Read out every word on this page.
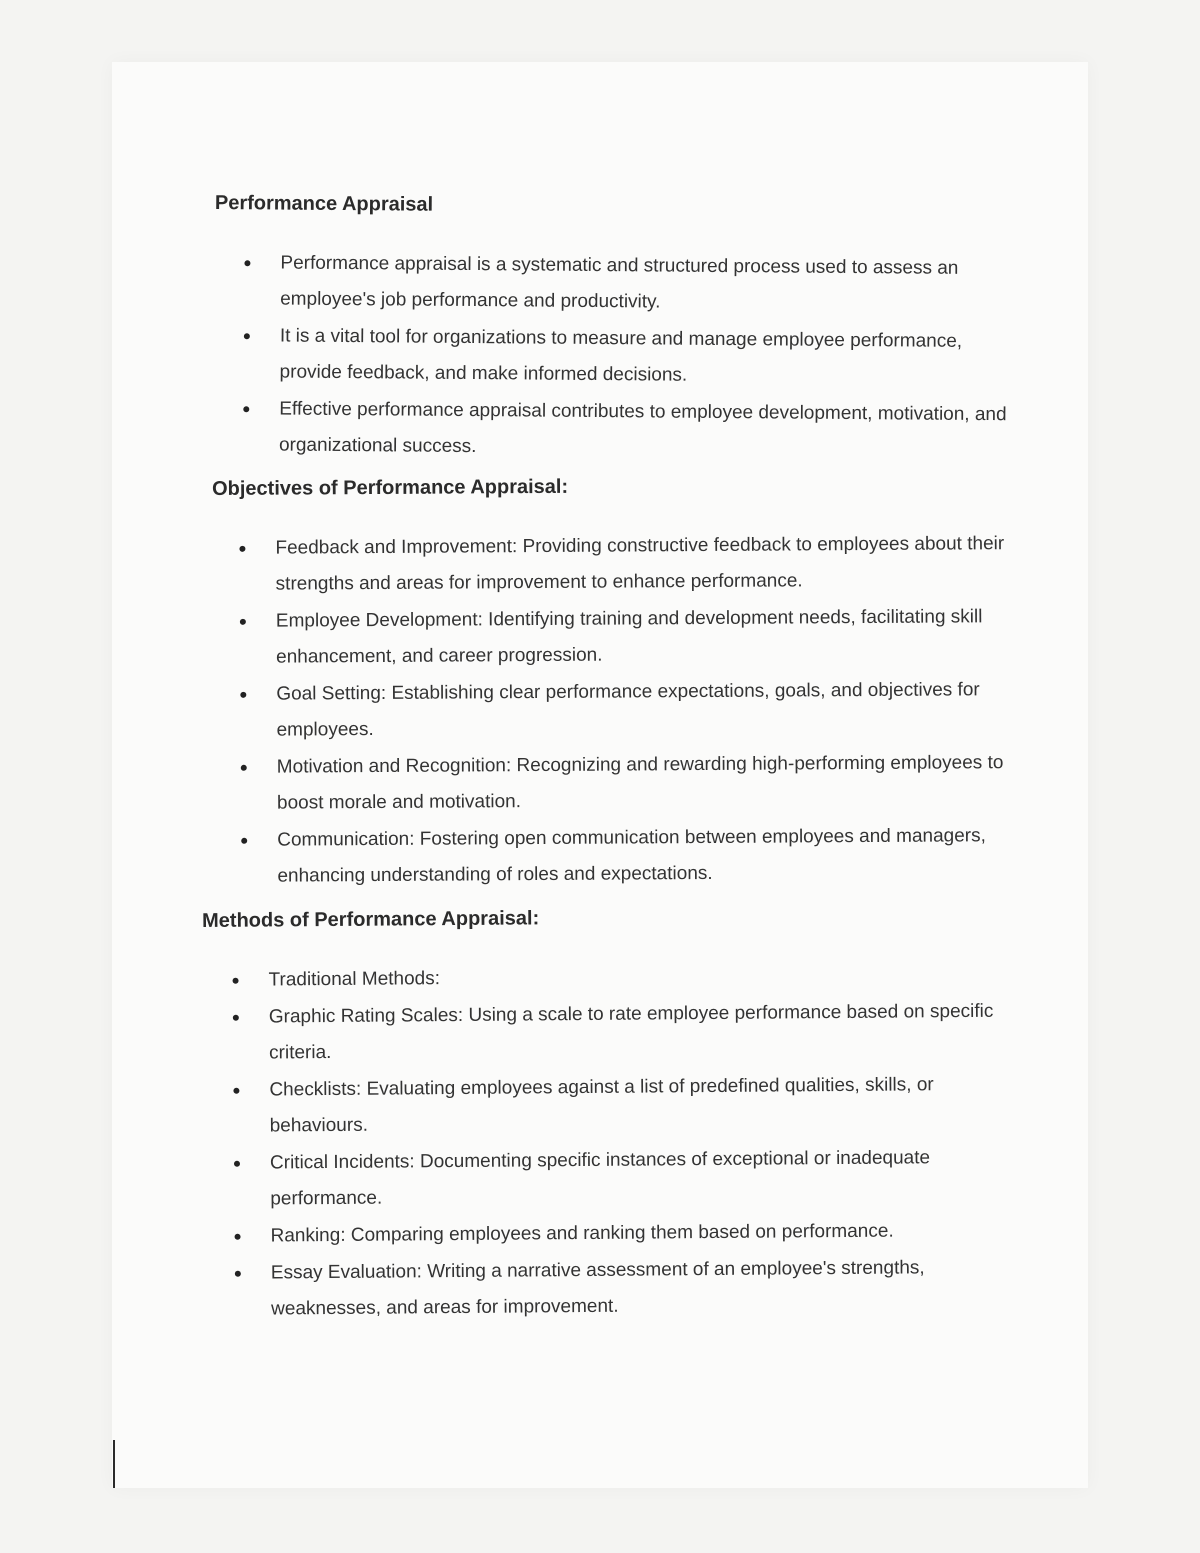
Performance Appraisal
Performance appraisal is a systematic and structured process used to assess an employee's job performance and productivity.
It is a vital tool for organizations to measure and manage employee performance, provide feedback, and make informed decisions.
Effective performance appraisal contributes to employee development, motivation, and organizational success.
Objectives of Performance Appraisal:
Feedback and Improvement: Providing constructive feedback to employees about their strengths and areas for improvement to enhance performance.
Employee Development: Identifying training and development needs, facilitating skill enhancement, and career progression.
Goal Setting: Establishing clear performance expectations, goals, and objectives for employees.
Motivation and Recognition: Recognizing and rewarding high-performing employees to boost morale and motivation.
Communication: Fostering open communication between employees and managers, enhancing understanding of roles and expectations.
Methods of Performance Appraisal:
Traditional Methods:
Graphic Rating Scales: Using a scale to rate employee performance based on specific criteria.
Checklists: Evaluating employees against a list of predefined qualities, skills, or behaviours.
Critical Incidents: Documenting specific instances of exceptional or inadequate performance.
Ranking: Comparing employees and ranking them based on performance.
Essay Evaluation: Writing a narrative assessment of an employee's strengths, weaknesses, and areas for improvement.
